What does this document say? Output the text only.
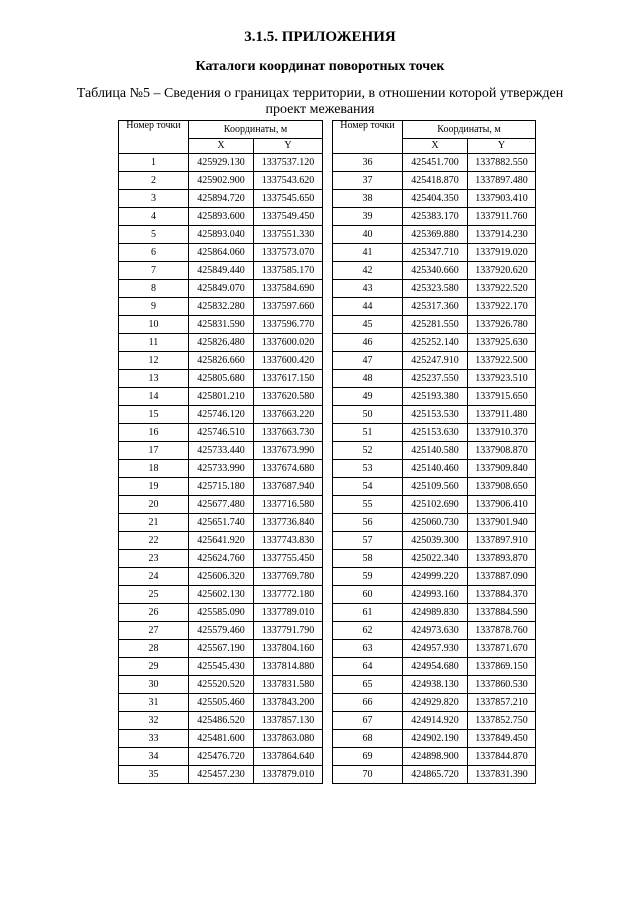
3.1.5. ПРИЛОЖЕНИЯ
Каталоги координат поворотных точек
Таблица №5 – Сведения о границах территории, в отношении которой утвержден
проект межевания
Номер точки	Координаты, м	
	X	Y
1	425929.130	1337537.120
2	425902.900	1337543.620
3	425894.720	1337545.650
4	425893.600	1337549.450
5	425893.040	1337551.330
6	425864.060	1337573.070
7	425849.440	1337585.170
8	425849.070	1337584.690
9	425832.280	1337597.660
10	425831.590	1337596.770
11	425826.480	1337600.020
12	425826.660	1337600.420
13	425805.680	1337617.150
14	425801.210	1337620.580
15	425746.120	1337663.220
16	425746.510	1337663.730
17	425733.440	1337673.990
18	425733.990	1337674.680
19	425715.180	1337687.940
20	425677.480	1337716.580
21	425651.740	1337736.840
22	425641.920	1337743.830
23	425624.760	1337755.450
24	425606.320	1337769.780
25	425602.130	1337772.180
26	425585.090	1337789.010
27	425579.460	1337791.790
28	425567.190	1337804.160
29	425545.430	1337814.880
30	425520.520	1337831.580
31	425505.460	1337843.200
32	425486.520	1337857.130
33	425481.600	1337863.080
34	425476.720	1337864.640
35	425457.230	1337879.010
Номер точки	Координаты, м	
	X	Y
36	425451.700	1337882.550
37	425418.870	1337897.480
38	425404.350	1337903.410
39	425383.170	1337911.760
40	425369.880	1337914.230
41	425347.710	1337919.020
42	425340.660	1337920.620
43	425323.580	1337922.520
44	425317.360	1337922.170
45	425281.550	1337926.780
46	425252.140	1337925.630
47	425247.910	1337922.500
48	425237.550	1337923.510
49	425193.380	1337915.650
50	425153.530	1337911.480
51	425153.630	1337910.370
52	425140.580	1337908.870
53	425140.460	1337909.840
54	425109.560	1337908.650
55	425102.690	1337906.410
56	425060.730	1337901.940
57	425039.300	1337897.910
58	425022.340	1337893.870
59	424999.220	1337887.090
60	424993.160	1337884.370
61	424989.830	1337884.590
62	424973.630	1337878.760
63	424957.930	1337871.670
64	424954.680	1337869.150
65	424938.130	1337860.530
66	424929.820	1337857.210
67	424914.920	1337852.750
68	424902.190	1337849.450
69	424898.900	1337844.870
70	424865.720	1337831.390
